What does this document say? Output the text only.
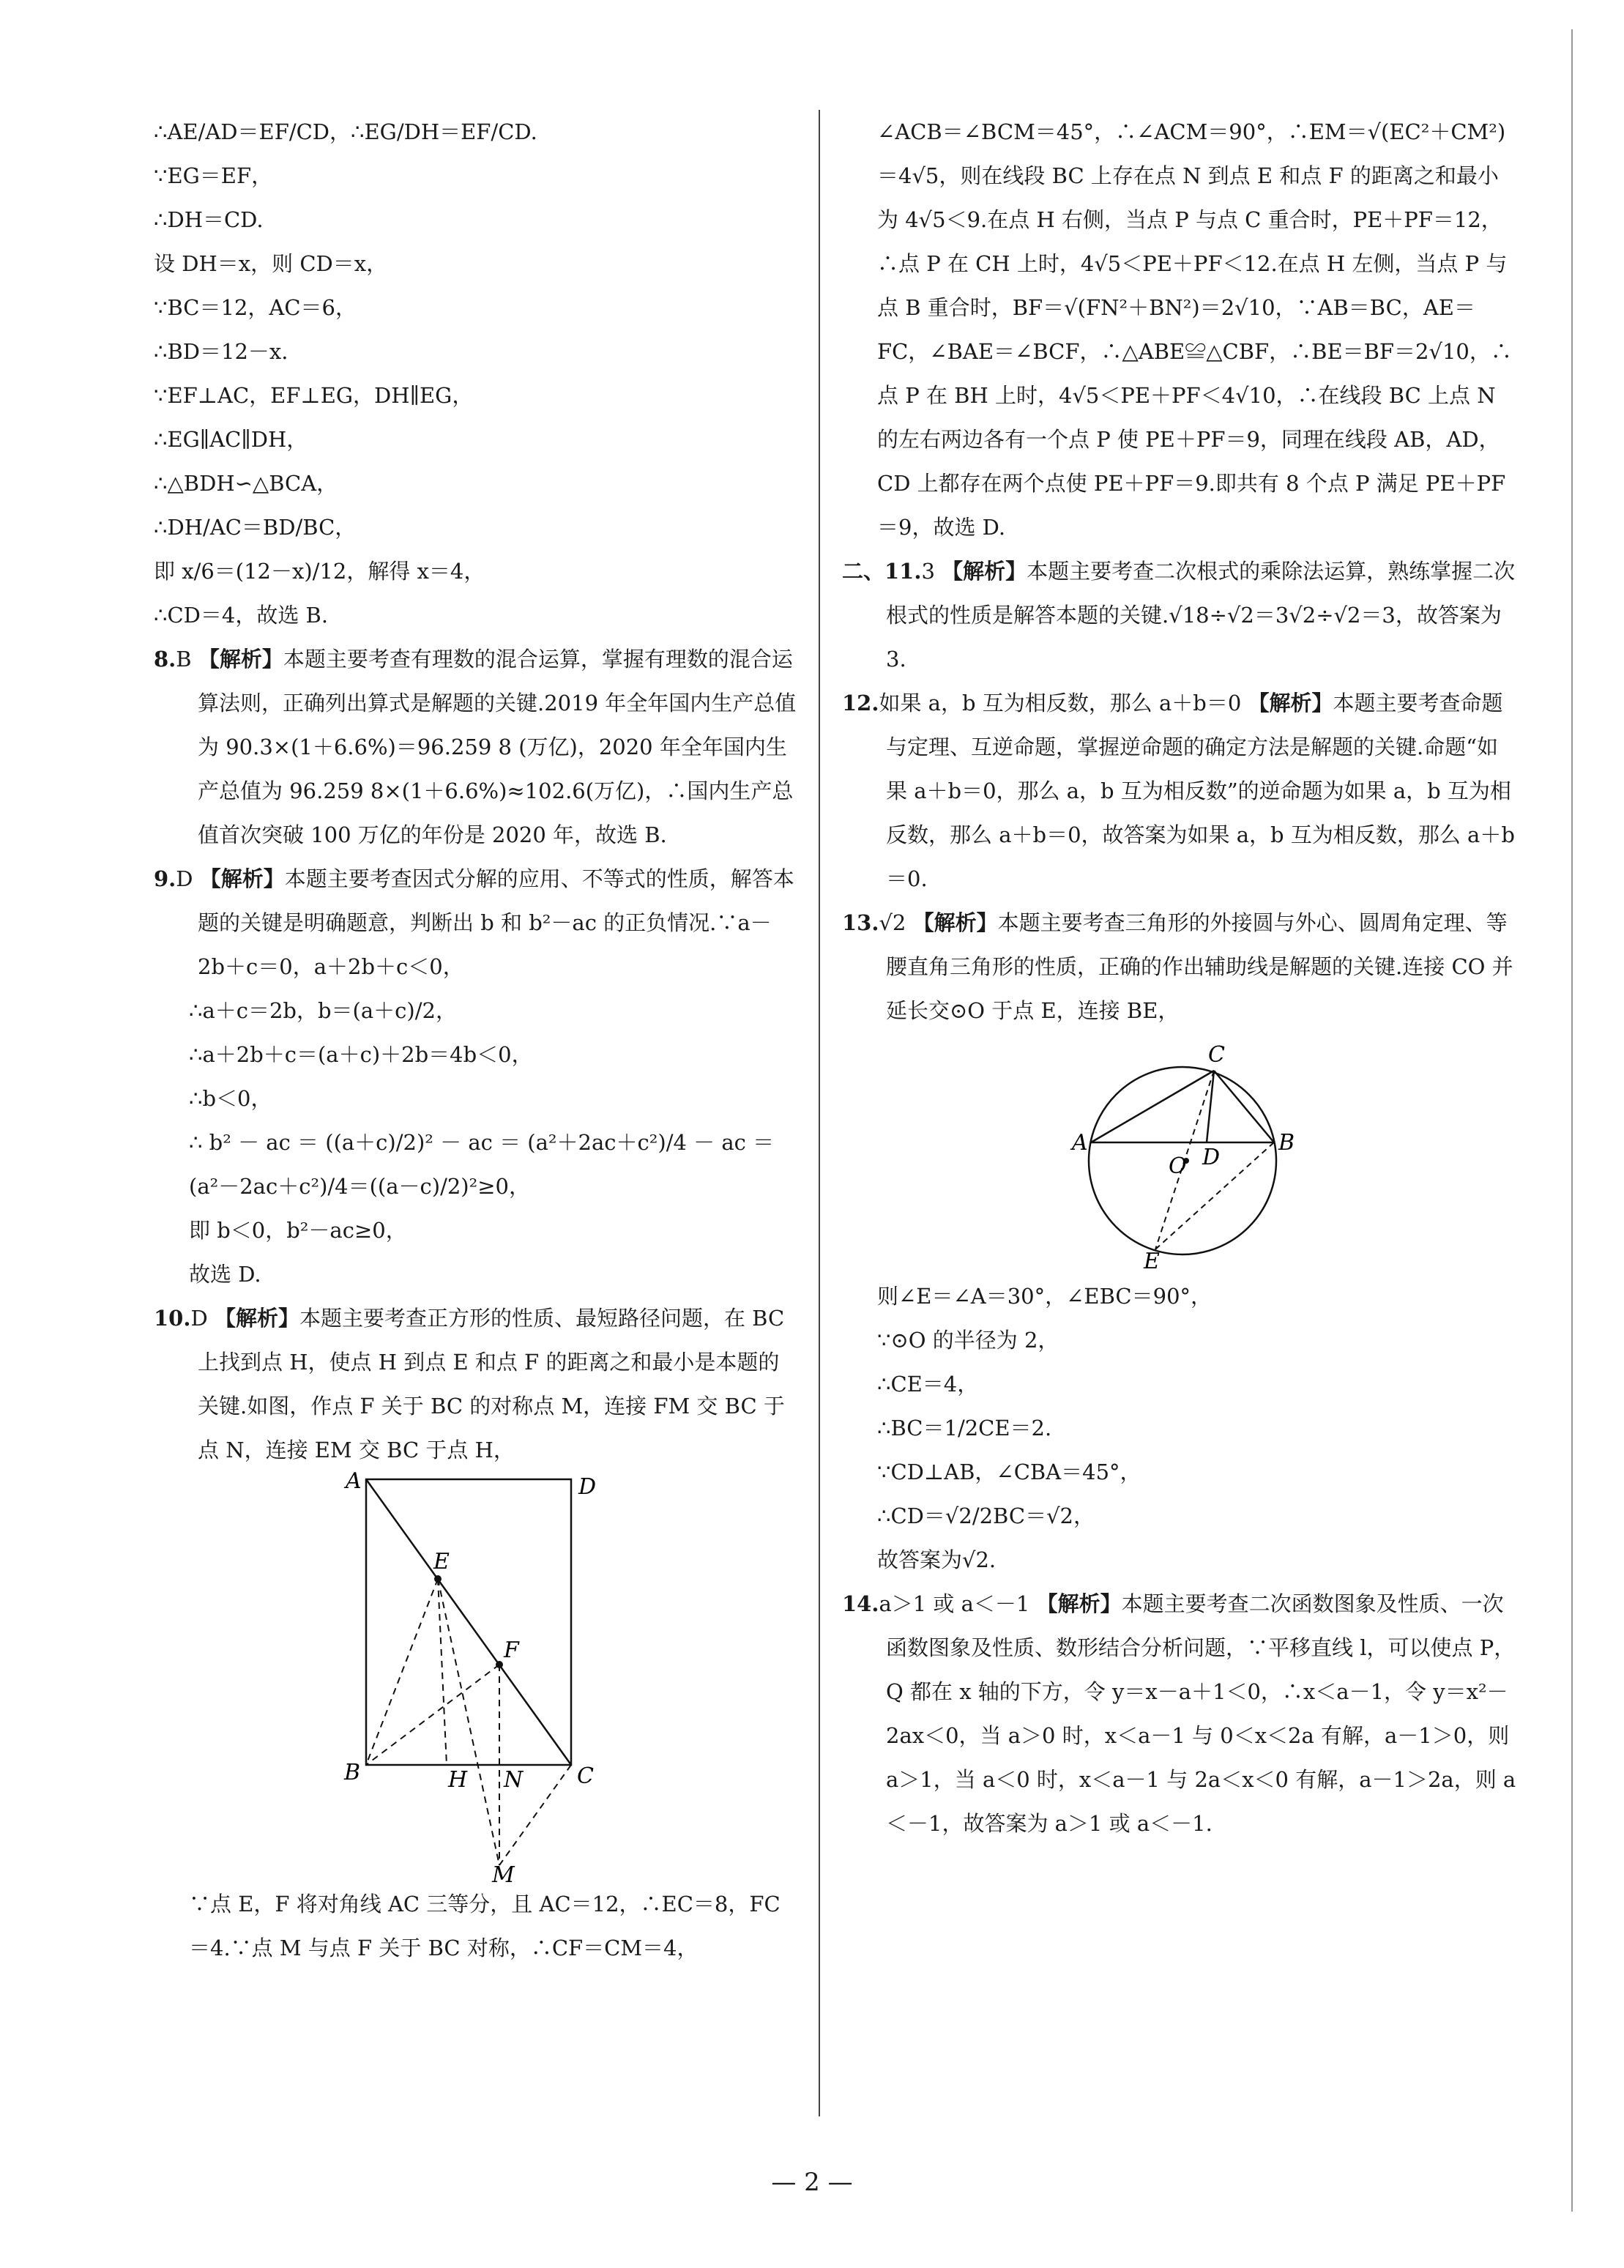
∴AE/AD＝EF/CD，∴EG/DH＝EF/CD.
∵EG＝EF，
∴DH＝CD.
设 DH＝x，则 CD＝x，
∵BC＝12，AC＝6，
∴BD＝12－x.
∵EF⊥AC，EF⊥EG，DH∥EG，
∴EG∥AC∥DH，
∴△BDH∽△BCA，
∴DH/AC＝BD/BC，
即 x/6＝(12－x)/12，解得 x＝4，
∴CD＝4，故选 B.
8.B 【解析】本题主要考查有理数的混合运算，掌握有理数的混合运算法则，正确列出算式是解题的关键.2019 年全年国内生产总值为 90.3×(1＋6.6%)＝96.259 8 (万亿)，2020 年全年国内生产总值为 96.259 8×(1＋6.6%)≈102.6(万亿)，∴国内生产总值首次突破 100 万亿的年份是 2020 年，故选 B.
9.D 【解析】本题主要考查因式分解的应用、不等式的性质，解答本题的关键是明确题意，判断出 b 和 b²－ac 的正负情况.∵a－2b＋c＝0，a＋2b＋c＜0，
∴a＋c＝2b，b＝(a＋c)/2，
∴a＋2b＋c＝(a＋c)＋2b＝4b＜0，
∴b＜0，
∴ b² － ac ＝ ((a＋c)/2)² － ac ＝ (a²＋2ac＋c²)/4 － ac ＝
(a²－2ac＋c²)/4＝((a－c)/2)²≥0，
即 b＜0，b²－ac≥0，
故选 D.
10.D 【解析】本题主要考查正方形的性质、最短路径问题，在 BC 上找到点 H，使点 H 到点 E 和点 F 的距离之和最小是本题的关键.如图，作点 F 关于 BC 的对称点 M，连接 FM 交 BC 于点 N，连接 EM 交 BC 于点 H，
A	D
E
F
B	H N C
M
∵点 E，F 将对角线 AC 三等分，且 AC＝12，∴EC＝8，FC＝4.∵点 M 与点 F 关于 BC 对称，∴CF＝CM＝4，
∠ACB＝∠BCM＝45°，∴∠ACM＝90°，∴EM＝√(EC²＋CM²)＝4√5，则在线段 BC 上存在点 N 到点 E 和点 F 的距离之和最小为 4√5＜9.在点 H 右侧，当点 P 与点 C 重合时，PE＋PF＝12，∴点 P 在 CH 上时，4√5＜PE＋PF＜12.在点 H 左侧，当点 P 与点 B 重合时，BF＝√(FN²＋BN²)＝2√10，∵AB＝BC，AE＝FC，∠BAE＝∠BCF，∴△ABE≌△CBF，∴BE＝BF＝2√10，∴点 P 在 BH 上时，4√5＜PE＋PF＜4√10，∴在线段 BC 上点 N 的左右两边各有一个点 P 使 PE＋PF＝9，同理在线段 AB，AD，CD 上都存在两个点使 PE＋PF＝9.即共有 8 个点 P 满足 PE＋PF＝9，故选 D.
二、11.3 【解析】本题主要考查二次根式的乘除法运算，熟练掌握二次根式的性质是解答本题的关键.√18÷√2＝3√2÷√2＝3，故答案为 3.
12.如果 a，b 互为相反数，那么 a＋b＝0 【解析】本题主要考查命题与定理、互逆命题，掌握逆命题的确定方法是解题的关键.命题“如果 a＋b＝0，那么 a，b 互为相反数”的逆命题为如果 a，b 互为相反数，那么 a＋b＝0，故答案为如果 a，b 互为相反数，那么 a＋b＝0.
13.√2 【解析】本题主要考查三角形的外接圆与外心、圆周角定理、等腰直角三角形的性质，正确的作出辅助线是解题的关键.连接 CO 并延长交⊙O 于点 E，连接 BE，
C
A	B
O D
E
则∠E＝∠A＝30°，∠EBC＝90°，
∵⊙O 的半径为 2，
∴CE＝4，
∴BC＝1/2CE＝2.
∵CD⊥AB，∠CBA＝45°，
∴CD＝√2/2BC＝√2，
故答案为√2.
14.a＞1 或 a＜－1 【解析】本题主要考查二次函数图象及性质、一次函数图象及性质、数形结合分析问题，∵平移直线 l，可以使点 P，Q 都在 x 轴的下方，令 y＝x－a＋1＜0，∴x＜a－1，令 y＝x²－2ax＜0，当 a＞0 时，x＜a－1 与 0＜x＜2a 有解，a－1＞0，则 a＞1，当 a＜0 时，x＜a－1 与 2a＜x＜0 有解，a－1＞2a，则 a＜－1，故答案为 a＞1 或 a＜－1.
— 2 —
